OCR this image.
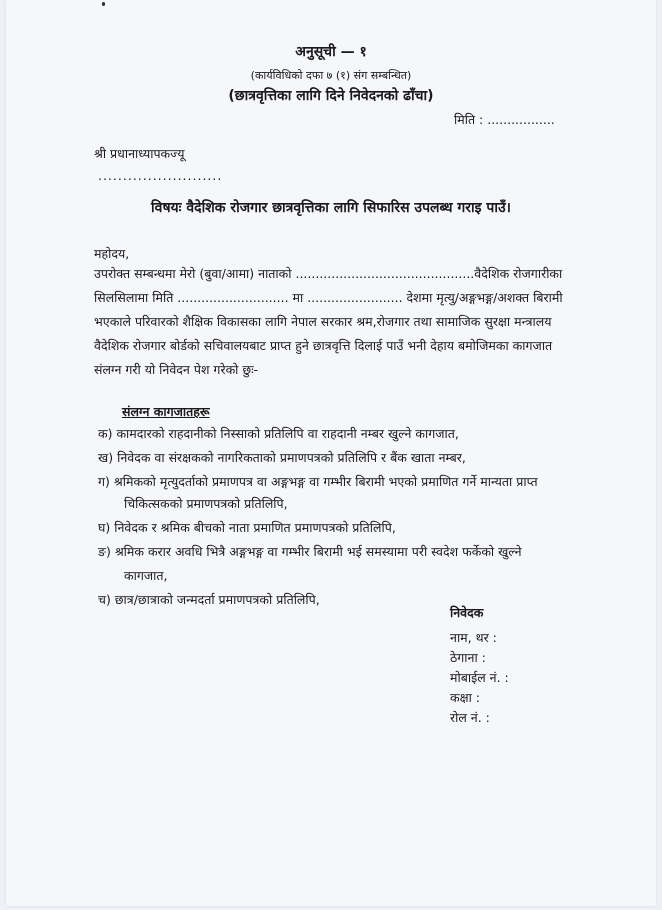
अनुसूची — १
(कार्यविधिको दफा ७ (१) संग सम्बन्धित)
(छात्रवृत्तिका लागि दिने निवेदनको ढाँचा)
मिति : .................
श्री प्रधानाध्यापकज्यू
.........................
विषयः वैदेशिक रोजगार छात्रवृत्तिका लागि सिफारिस उपलब्ध गराइ पाउँ।
महोदय,
उपरोक्त सम्बन्धमा मेरो (बुवा/आमा) नाताको .............................................वैदेशिक रोजगारीका
सिलसिलामा मिति ............................ मा ........................ देशमा मृत्यु/अङ्गभङ्ग/अशक्त बिरामी
भएकाले परिवारको शैक्षिक विकासका लागि नेपाल सरकार श्रम,रोजगार तथा सामाजिक सुरक्षा मन्त्रालय
वैदेशिक रोजगार बोर्डको सचिवालयबाट प्राप्त हुने छात्रवृत्ति दिलाई पाउँ भनी देहाय बमोजिमका कागजात
संलग्न गरी यो निवेदन पेश गरेको छुः-
संलग्न कागजातहरू
क) कामदारको राहदानीको निस्साको प्रतिलिपि वा राहदानी नम्बर खुल्ने कागजात,
ख) निवेदक वा संरक्षकको नागरिकताको प्रमाणपत्रको प्रतिलिपि र बैंक खाता नम्बर,
ग) श्रमिकको मृत्युदर्ताको प्रमाणपत्र वा अङ्गभङ्ग वा गम्भीर बिरामी भएको प्रमाणित गर्ने मान्यता प्राप्त
चिकित्सकको प्रमाणपत्रको प्रतिलिपि,
घ) निवेदक र श्रमिक बीचको नाता प्रमाणित प्रमाणपत्रको प्रतिलिपि,
ङ) श्रमिक करार अवधि भित्रै अङ्गभङ्ग वा गम्भीर बिरामी भई समस्यामा परी स्वदेश फर्केको खुल्ने
कागजात,
च) छात्र/छात्राको जन्मदर्ता प्रमाणपत्रको प्रतिलिपि,
निवेदक
नाम, थर :
ठेगाना :
मोबाईल नं. :
कक्षा :
रोल नं. :
